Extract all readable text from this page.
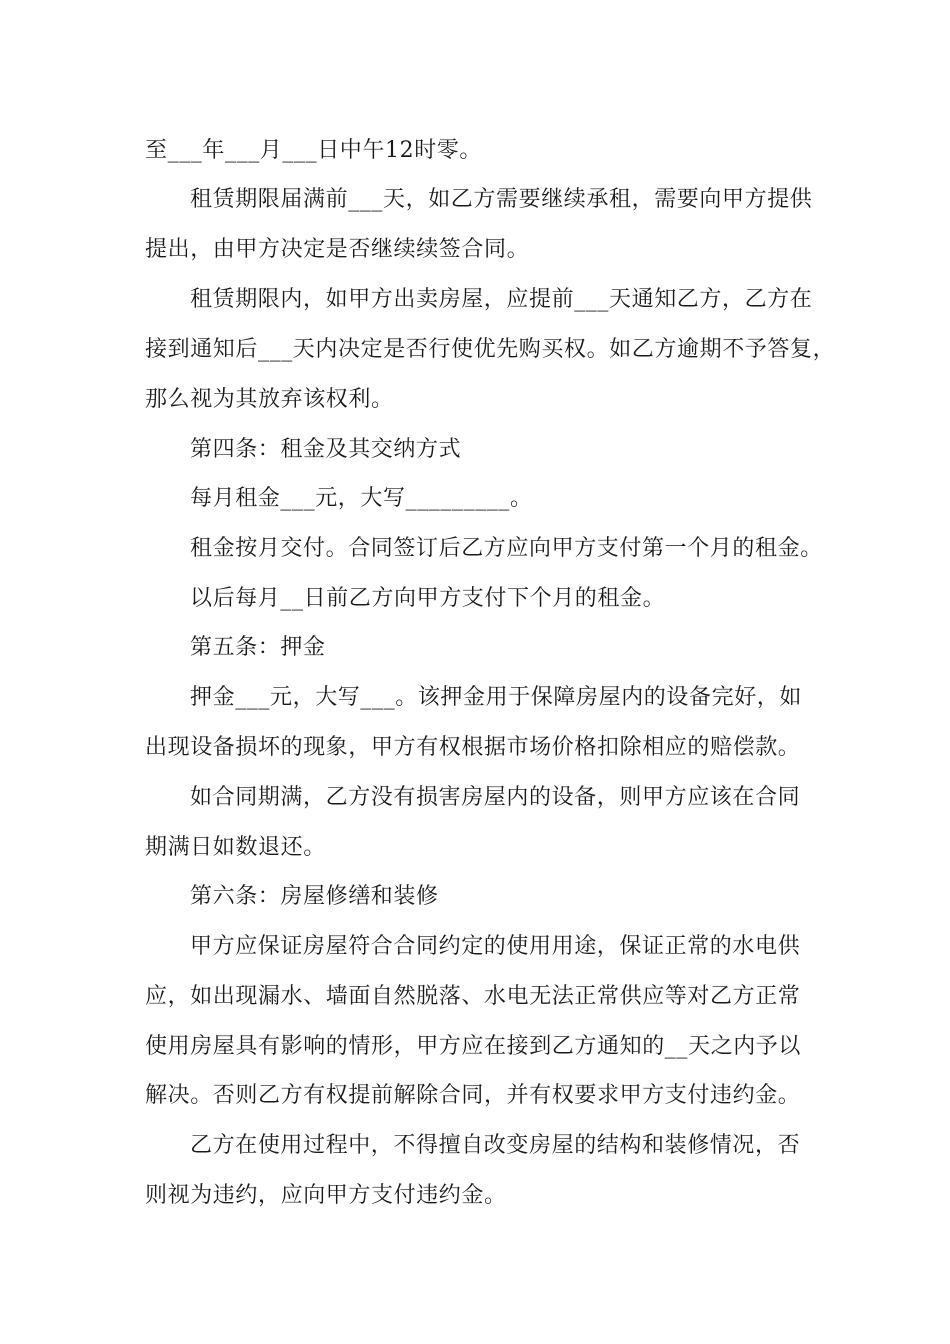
至___年___月___日中午12时零。
租赁期限届满前___天，如乙方需要继续承租，需要向甲方提供
提出，由甲方决定是否继续续签合同。
租赁期限内，如甲方出卖房屋，应提前___天通知乙方，乙方在
接到通知后___天内决定是否行使优先购买权。如乙方逾期不予答复，
那么视为其放弃该权利。
第四条：租金及其交纳方式
每月租金___元，大写_________。
租金按月交付。合同签订后乙方应向甲方支付第一个月的租金。
以后每月__日前乙方向甲方支付下个月的租金。
第五条：押金
押金___元，大写___。该押金用于保障房屋内的设备完好，如
出现设备损坏的现象，甲方有权根据市场价格扣除相应的赔偿款。
如合同期满，乙方没有损害房屋内的设备，则甲方应该在合同
期满日如数退还。
第六条：房屋修缮和装修
甲方应保证房屋符合合同约定的使用用途，保证正常的水电供
应，如出现漏水、墙面自然脱落、水电无法正常供应等对乙方正常
使用房屋具有影响的情形，甲方应在接到乙方通知的__天之内予以
解决。否则乙方有权提前解除合同，并有权要求甲方支付违约金。
乙方在使用过程中，不得擅自改变房屋的结构和装修情况，否
则视为违约，应向甲方支付违约金。
